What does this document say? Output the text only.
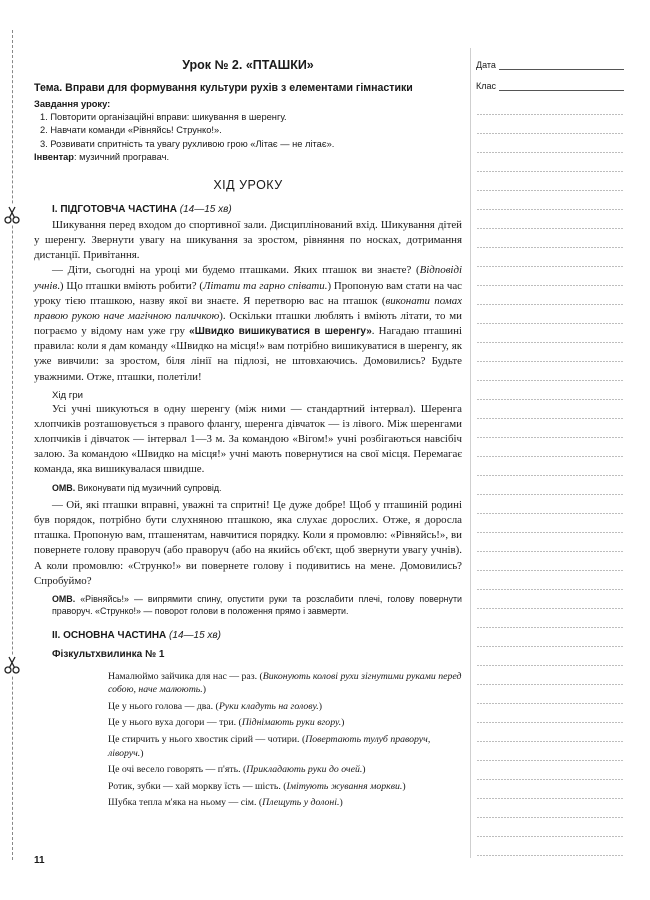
Урок № 2. «ПТАШКИ»
Тема. Вправи для формування культури рухів з елементами гімнастики

Завдання уроку:

1. Повторити організаційні вправи: шикування в шеренгу.
2. Навчати команди «Рівняйсь! Струнко!».
3. Розвивати спритність та увагу рухливою грою «Літає — не літає».

Інвентар: музичний програвач.

ХІД УРОКУ
І. ПІДГОТОВЧА ЧАСТИНА (14—15 хв)

Шикування перед входом до спортивної зали. Дисциплінований вхід. Шикування дітей у шеренгу. Звернути увагу на шикування за зростом, рівняння по носках, дотримання дистанції. Привітання.

— Діти, сьогодні на уроці ми будемо пташками. Яких пташок ви знаєте? (Відповіді учнів.) Що пташки вміють робити? (Літати та гарно співати.) Пропоную вам стати на час уроку тією пташкою, назву якої ви знаєте. Я перетворю вас на пташок (виконати помах правою рукою наче магічною паличкою). Оскільки пташки люблять і вміють літати, то ми пограємо у відому нам уже гру «Швидко вишикуватися в шеренгу». Нагадаю пташині правила: коли я дам команду «Швидко на місця!» вам потрібно вишикуватися в шеренгу, як уже вивчили: за зростом, біля лінії на підлозі, не штовхаючись. Домовились? Будьте уважними. Отже, пташки, полетіли!

Хід гри

Усі учні шикуються в одну шеренгу (між ними — стандартний інтервал). Шеренга хлопчиків розташовується з правого флангу, шеренга дівчаток — із лівого. Між шеренгами хлопчиків і дівчаток — інтервал 1—3 м. За командою «Вігом!» учні розбігаються навсібіч залою. За командою «Швидко на місця!» учні мають повернутися на свої місця. Перемагає команда, яка вишикувалася швидше.

ОМВ. Виконувати під музичний супровід.

— Ой, які пташки вправні, уважні та спритні! Це дуже добре! Щоб у пташиній родині був порядок, потрібно бути слухняною пташкою, яка слухає дорослих. Отже, я доросла пташка. Пропоную вам, пташенятам, навчитися порядку. Коли я промовлю: «Рівняйсь!», ви повернете голову праворуч (або праворуч (або на якийсь об'єкт, щоб звернути увагу учнів). А коли промовлю: «Струнко!» ви повернете голову і подивитись на мене. Домовились? Спробуймо?

ОМВ. «Рівняйсь!» — випрямити спину, опустити руки та розслабити плечі, голову повернути праворуч. «Струнко!» — поворот голови в положення прямо і завмерти.
ІІ. ОСНОВНА ЧАСТИНА (14—15 хв)
Фізкультхвилинка № 1

Намалюймо зайчика для нас — раз. (Виконують колові рухи зігнутими руками перед собою, наче малюють.)

Це у нього голова — два. (Руки кладуть на голову.)

Це у нього вуха догори — три. (Піднімають руки вгору.)

Це стирчить у нього хвостик сірий — чотири. (Повертають тулуб праворуч, ліворуч.)

Це очі весело говорять — п'ять. (Прикладають руки до очей.)

Ротик, зубки — хай моркву їсть — шість. (Імітують жування моркви.)

Шубка тепла м'яка на ньому — сім. (Плещуть у долоні.)

Дата
Клас
11
